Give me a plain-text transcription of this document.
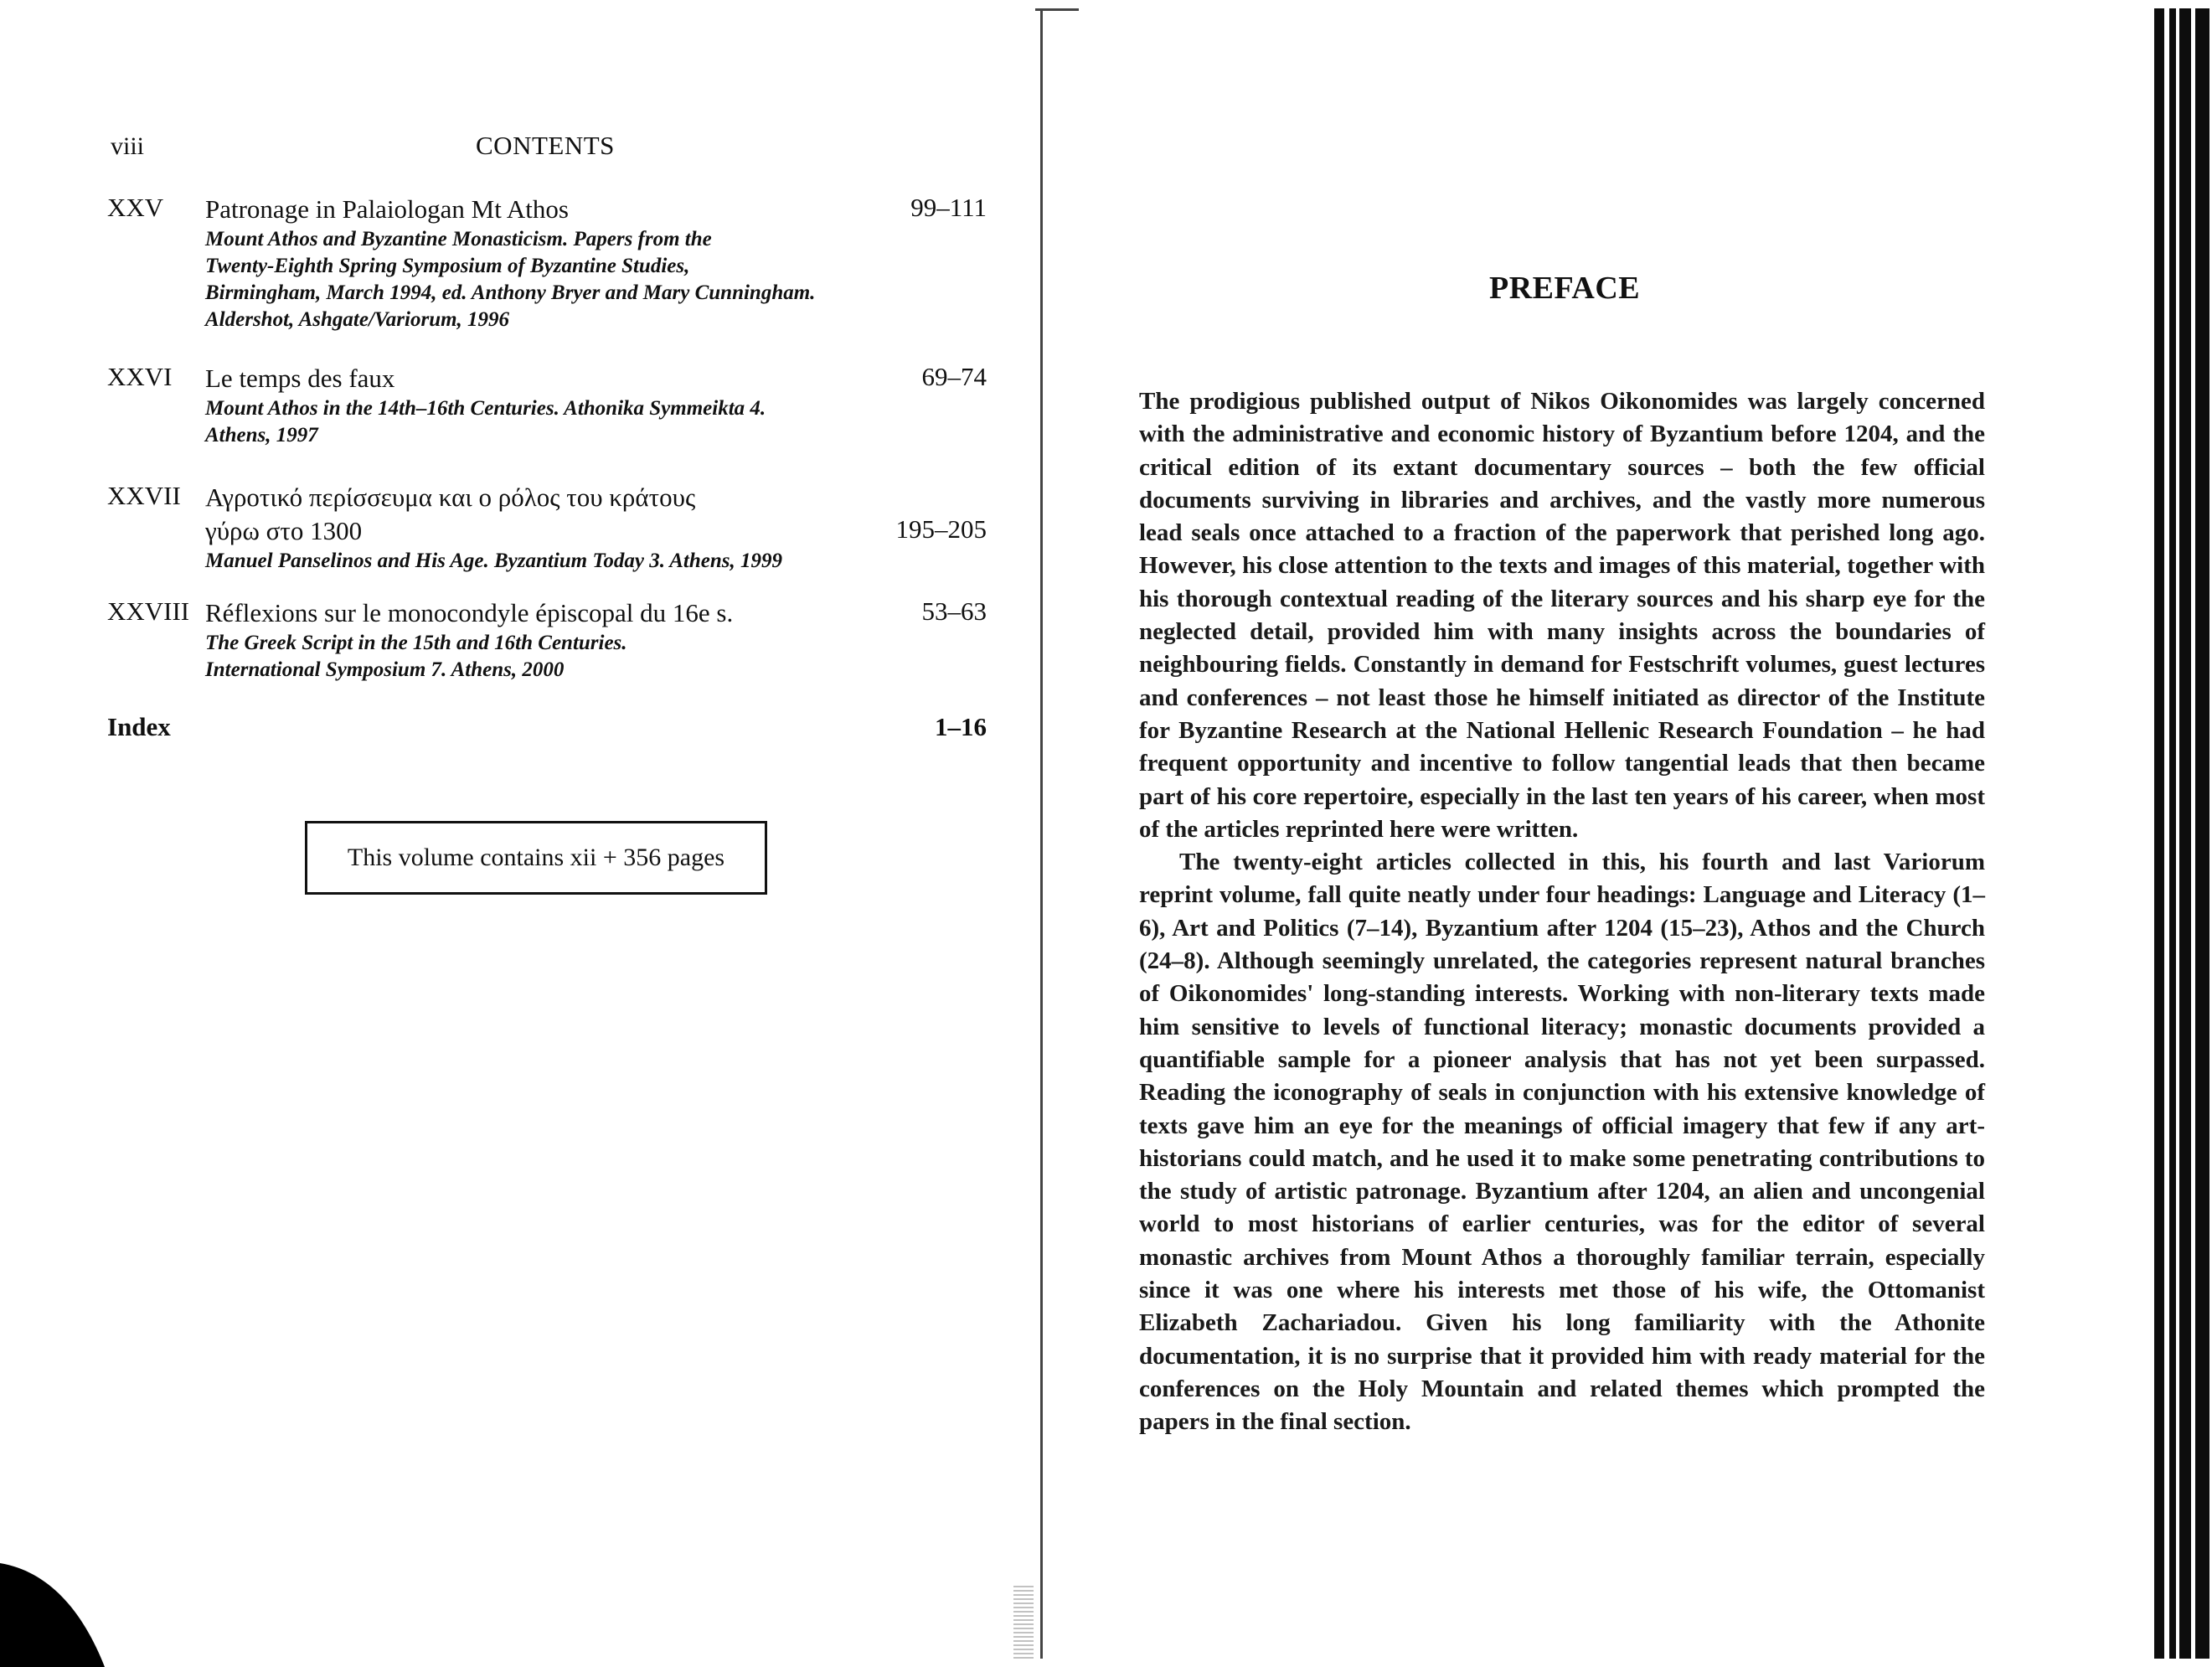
viii	CONTENTS
XXV Patronage in Palaiologan Mt Athos
Mount Athos and Byzantine Monasticism. Papers from the
Twenty-Eighth Spring Symposium of Byzantine Studies,
Birmingham, March 1994, ed. Anthony Bryer and Mary Cunningham.
Aldershot, Ashgate/Variorum, 1996
99–111
XXVI Le temps des faux
Mount Athos in the 14th–16th Centuries. Athonika Symmeikta 4.
Athens, 1997
69–74
XXVII Αγροτικό περίσσευμα και ο ρόλος του κράτους
γύρω στο 1300
Manuel Panselinos and His Age. Byzantium Today 3. Athens, 1999
195–205
XXVIII Réflexions sur le monocondyle épiscopal du 16e s.
The Greek Script in the 15th and 16th Centuries.
International Symposium 7. Athens, 2000
53–63
Index	1–16
This volume contains xii + 356 pages
PREFACE

The prodigious published output of Nikos Oikonomides was largely concerned with the administrative and economic history of Byzantium before 1204, and the critical edition of its extant documentary sources – both the few official documents surviving in libraries and archives, and the vastly more numerous lead seals once attached to a fraction of the paperwork that perished long ago. However, his close attention to the texts and images of this material, together with his thorough contextual reading of the literary sources and his sharp eye for the neglected detail, provided him with many insights across the boundaries of neighbouring fields. Constantly in demand for Festschrift volumes, guest lectures and conferences – not least those he himself initiated as director of the Institute for Byzantine Research at the National Hellenic Research Foundation – he had frequent opportunity and incentive to follow tangential leads that then became part of his core repertoire, especially in the last ten years of his career, when most of the articles reprinted here were written.

The twenty-eight articles collected in this, his fourth and last Variorum reprint volume, fall quite neatly under four headings: Language and Literacy (1–6), Art and Politics (7–14), Byzantium after 1204 (15–23), Athos and the Church (24–8). Although seemingly unrelated, the categories represent natural branches of Oikonomides' long-standing interests. Working with non-literary texts made him sensitive to levels of functional literacy; monastic documents provided a quantifiable sample for a pioneer analysis that has not yet been surpassed. Reading the iconography of seals in conjunction with his extensive knowledge of texts gave him an eye for the meanings of official imagery that few if any art-historians could match, and he used it to make some penetrating contributions to the study of artistic patronage. Byzantium after 1204, an alien and uncongenial world to most historians of earlier centuries, was for the editor of several monastic archives from Mount Athos a thoroughly familiar terrain, especially since it was one where his interests met those of his wife, the Ottomanist Elizabeth Zachariadou. Given his long familiarity with the Athonite documentation, it is no surprise that it provided him with ready material for the conferences on the Holy Mountain and related themes which prompted the papers in the final section.
